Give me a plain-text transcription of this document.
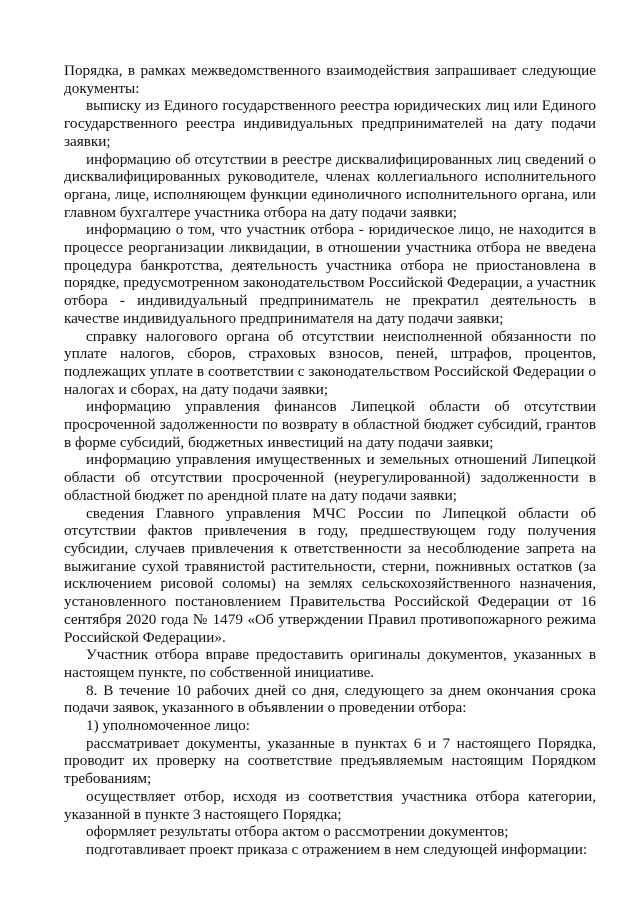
Порядка, в рамках межведомственного взаимодействия запрашивает следующие документы:

выписку из Единого государственного реестра юридических лиц или Единого государственного реестра индивидуальных предпринимателей на дату подачи заявки;

информацию об отсутствии в реестре дисквалифицированных лиц сведений о дисквалифицированных руководителе, членах коллегиального исполнительного органа, лице, исполняющем функции единоличного исполнительного органа, или главном бухгалтере участника отбора на дату подачи заявки;

информацию о том, что участник отбора - юридическое лицо, не находится в процессе реорганизации ликвидации, в отношении участника отбора не введена процедура банкротства, деятельность участника отбора не приостановлена в порядке, предусмотренном законодательством Российской Федерации, а участник отбора - индивидуальный предприниматель не прекратил деятельность в качестве индивидуального предпринимателя на дату подачи заявки;

справку налогового органа об отсутствии неисполненной обязанности по уплате налогов, сборов, страховых взносов, пеней, штрафов, процентов, подлежащих уплате в соответствии с законодательством Российской Федерации о налогах и сборах, на дату подачи заявки;

информацию управления финансов Липецкой области об отсутствии просроченной задолженности по возврату в областной бюджет субсидий, грантов в форме субсидий, бюджетных инвестиций на дату подачи заявки;

информацию управления имущественных и земельных отношений Липецкой области об отсутствии просроченной (неурегулированной) задолженности в областной бюджет по арендной плате на дату подачи заявки;

сведения Главного управления МЧС России по Липецкой области об отсутствии фактов привлечения в году, предшествующем году получения субсидии, случаев привлечения к ответственности за несоблюдение запрета на выжигание сухой травянистой растительности, стерни, пожнивных остатков (за исключением рисовой соломы) на землях сельскохозяйственного назначения, установленного постановлением Правительства Российской Федерации от 16 сентября 2020 года № 1479 «Об утверждении Правил противопожарного режима Российской Федерации».

Участник отбора вправе предоставить оригиналы документов, указанных в настоящем пункте, по собственной инициативе.

8. В течение 10 рабочих дней со дня, следующего за днем окончания срока подачи заявок, указанного в объявлении о проведении отбора:

1) уполномоченное лицо:

рассматривает документы, указанные в пунктах 6 и 7 настоящего Порядка, проводит их проверку на соответствие предъявляемым настоящим Порядком требованиям;

осуществляет отбор, исходя из соответствия участника отбора категории, указанной в пункте 3 настоящего Порядка;

оформляет результаты отбора актом о рассмотрении документов;

подготавливает проект приказа с отражением в нем следующей информации:
